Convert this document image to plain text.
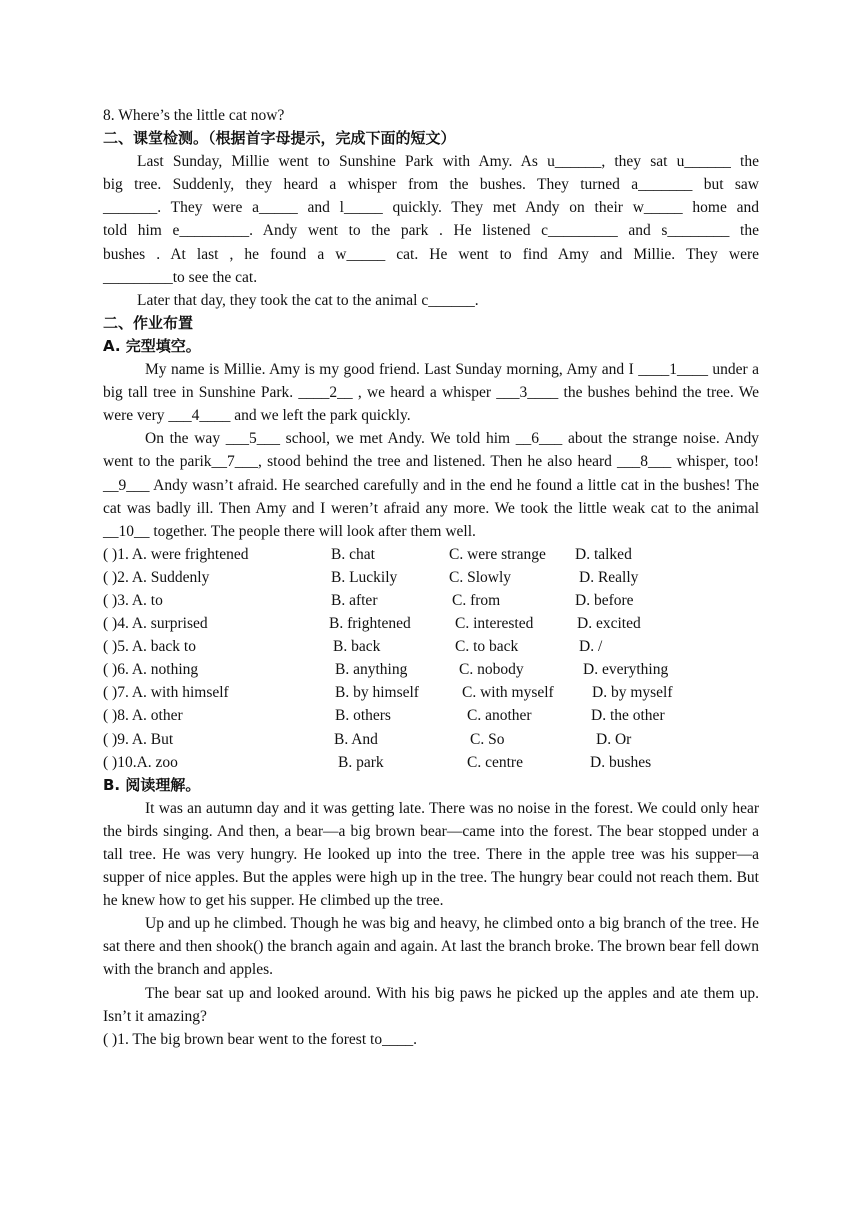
8. Where’s the little cat now?
二、课堂检测。（根据首字母提示，完成下面的短文）
Last Sunday, Millie went to Sunshine Park with Amy. As u______, they sat u______ the
big tree. Suddenly, they heard a whisper from the bushes. They turned a_______ but saw
_______. They were a_____ and l_____ quickly. They met Andy on their w_____ home and
told him e_________. Andy went to the park . He listened c_________ and s________ the
bushes . At last , he found a w_____ cat. He went to find Amy and Millie. They were
_________to see the cat.
Later that day, they took the cat to the animal c______.
二、作业布置
A. 完型填空。

My name is Millie. Amy is my good friend. Last Sunday morning, Amy and I ____1____ under a big tall tree in Sunshine Park. ____2__ , we heard a whisper ___3____ the bushes behind the tree. We were very ___4____ and we left the park quickly.

On the way ___5___ school, we met Andy. We told him __6___ about the strange noise. Andy went to the parik__7___, stood behind the tree and listened. Then he also heard ___8___ whisper, too! __9___ Andy wasn’t afraid. He searched carefully and in the end he found a little cat in the bushes! The cat was badly ill. Then Amy and I weren’t afraid any more. We took the little weak cat to the animal __10__ together. The people there will look after them well.

( )1. A. were frightened	B. chat	C. were strange D. talked
( )2. A. Suddenly	B. Luckily	C. Slowly	D. Really
( )3. A. to	B. after	C. from	D. before
( )4. A. surprised	B. frightened	C. interested	D. excited
( )5. A. back to	B. back	C. to back	D. /
( )6. A. nothing	B. anything	C. nobody	D. everything
( )7. A. with himself	B. by himself	C. with myself D. by myself
( )8. A. other	B. others	C. another	D. the other
( )9. A. But	B. And	C. So	D. Or
( )10.A. zoo	B. park	C. centre	D. bushes
B. 阅读理解。

It was an autumn day and it was getting late. There was no noise in the forest. We could only hear the birds singing. And then, a bear—a big brown bear—came into the forest. The bear stopped under a tall tree. He was very hungry. He looked up into the tree. There in the apple tree was his supper—a supper of nice apples. But the apples were high up in the tree. The hungry bear could not reach them. But he knew how to get his supper. He climbed up the tree.

Up and up he climbed. Though he was big and heavy, he climbed onto a big branch of the tree. He sat there and then shook() the branch again and again. At last the branch broke. The brown bear fell down with the branch and apples.

The bear sat up and looked around. With his big paws he picked up the apples and ate them up. Isn’t it amazing?

( )1. The big brown bear went to the forest to____.
